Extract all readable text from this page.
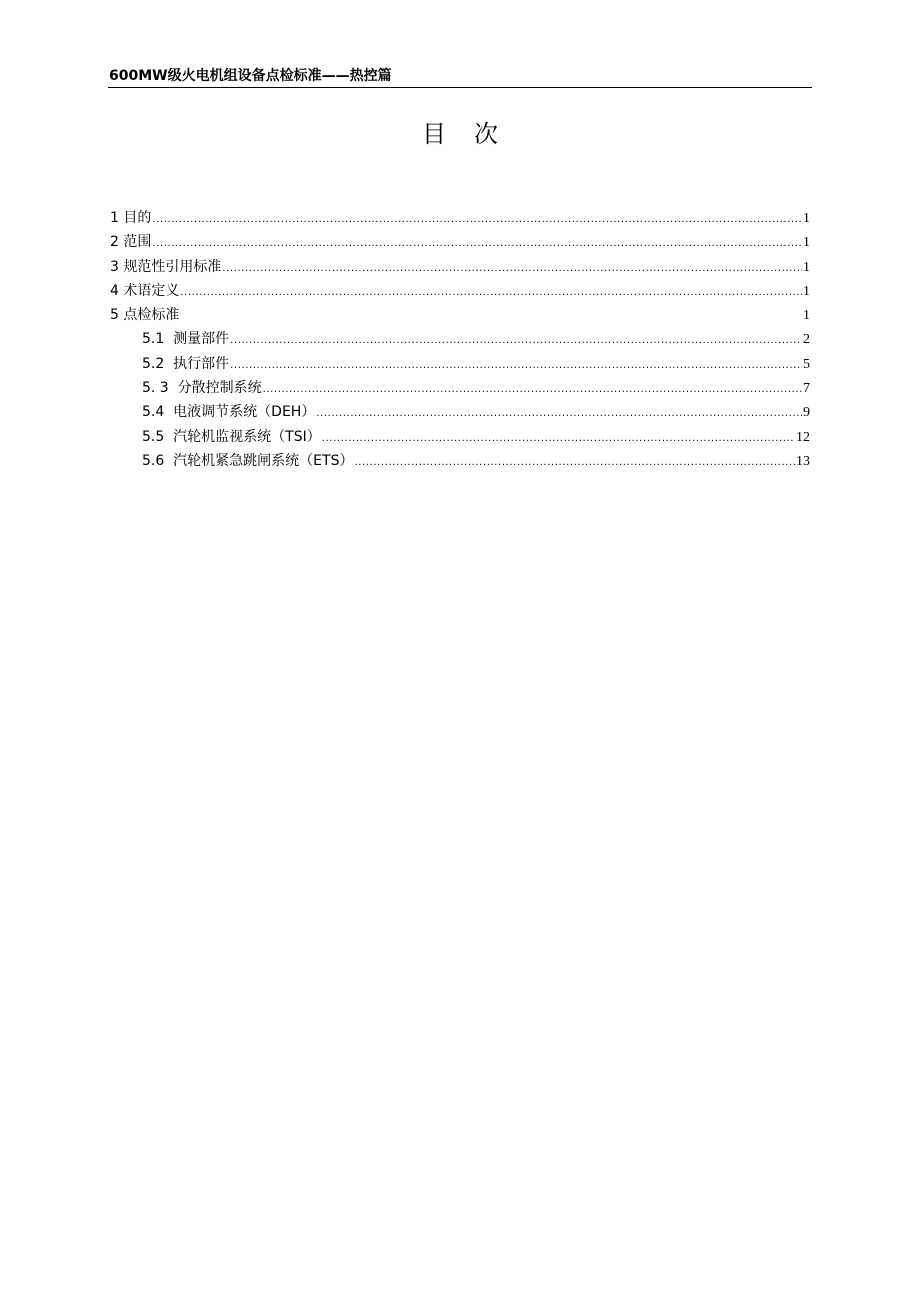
600MW级火电机组设备点检标准——热控篇
目次
1 目的 .....	1
2 范围 .....	1
3 规范性引用标准 .....	1
4 术语定义 .....	1
5 点检标准	1
5.1 测量部件 .....	2
5.2 执行部件 .....	5
5. 3 分散控制系统 .....	7
5.4 电液调节系统（DEH） .....	9
5.5 汽轮机监视系统（TSI） .....	12
5.6 汽轮机紧急跳闸系统（ETS） .....	13
